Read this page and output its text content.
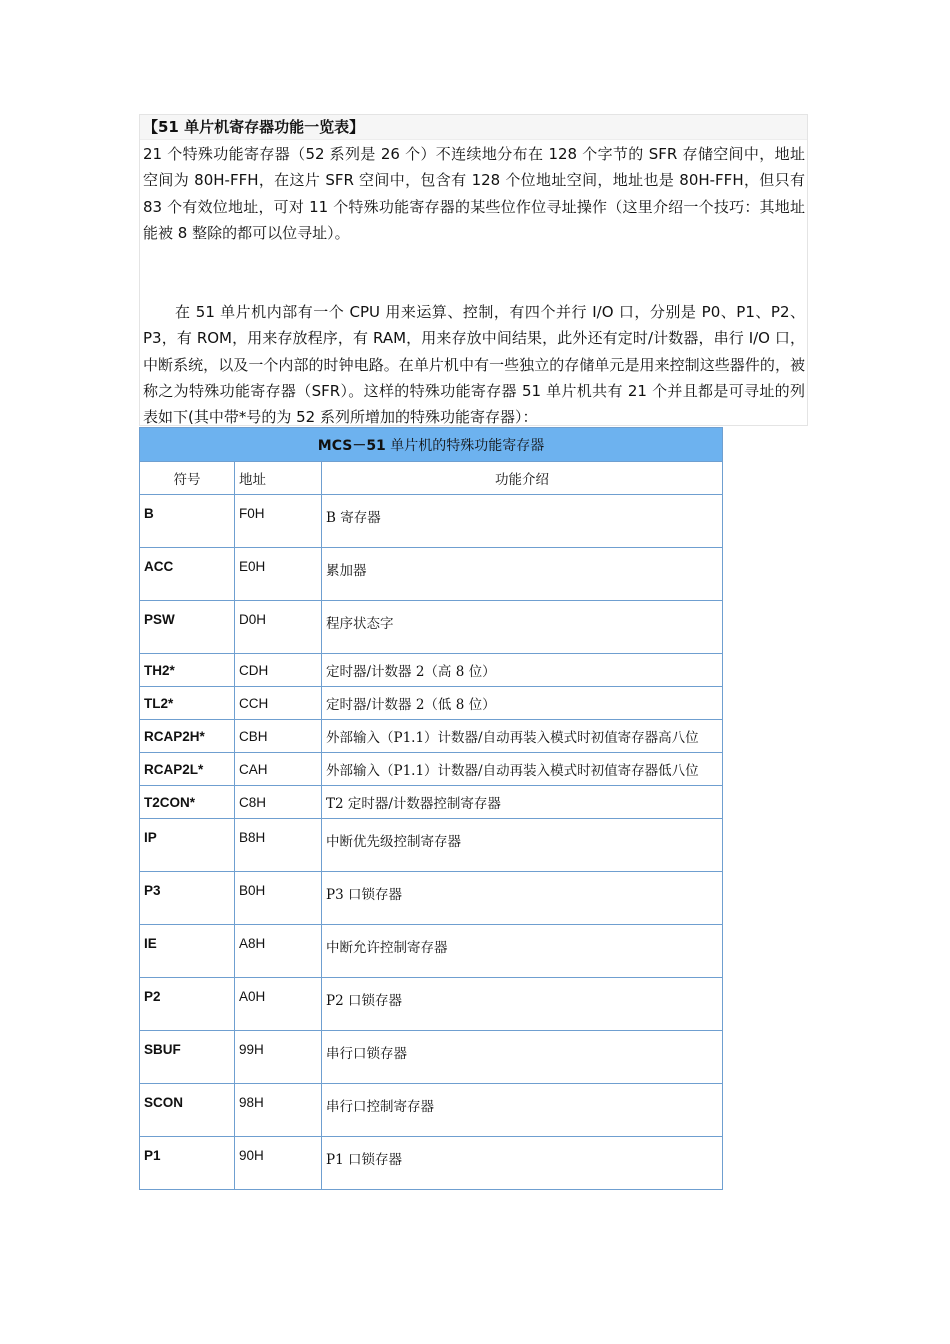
【51 单片机寄存器功能一览表】
21 个特殊功能寄存器（52 系列是 26 个）不连续地分布在 128 个字节的 SFR 存储空间中，地址空间为 80H-FFH，在这片 SFR 空间中，包含有 128 个位地址空间，地址也是 80H-FFH，但只有 83 个有效位地址，可对 11 个特殊功能寄存器的某些位作位寻址操作（这里介绍一个技巧：其地址能被 8 整除的都可以位寻址）。
在 51 单片机内部有一个 CPU 用来运算、控制，有四个并行 I/O 口，分别是 P0、P1、P2、P3，有 ROM，用来存放程序，有 RAM，用来存放中间结果，此外还有定时/计数器，串行 I/O 口，中断系统，以及一个内部的时钟电路。在单片机中有一些独立的存储单元是用来控制这些器件的，被称之为特殊功能寄存器（SFR）。这样的特殊功能寄存器 51 单片机共有 21 个并且都是可寻址的列表如下(其中带*号的为 52 系列所增加的特殊功能寄存器）：
MCS－51 单片机的特殊功能寄存器		
符号	地址	功能介绍
B	F0H	B 寄存器
ACC	E0H	累加器
PSW	D0H	程序状态字
TH2*	CDH	定时器/计数器 2（高 8 位）
TL2*	CCH	定时器/计数器 2（低 8 位）
RCAP2H*	CBH	外部输入（P1.1）计数器/自动再装入模式时初值寄存器高八位
RCAP2L*	CAH	外部输入（P1.1）计数器/自动再装入模式时初值寄存器低八位
T2CON*	C8H	T2 定时器/计数器控制寄存器
IP	B8H	中断优先级控制寄存器
P3	B0H	P3 口锁存器
IE	A8H	中断允许控制寄存器
P2	A0H	P2 口锁存器
SBUF	99H	串行口锁存器
SCON	98H	串行口控制寄存器
P1	90H	P1 口锁存器
